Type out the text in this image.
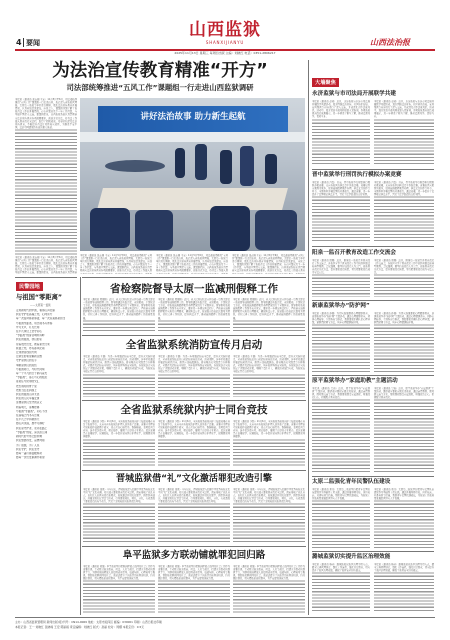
4 要闻
山西监狱
SHANXIJIANYU	山西法治报
2025年11月13日 星期三 每周四出版 主编：刘晓红 电话：0351-2806217
为法治宣传教育精准“开方”
司法部统筹推进“五风工作”课题组一行走进山西监狱调研
本报讯（通讯员 张志刚 王宏）11月5日至6日，司法部统筹推进“五风工作”课题组一行走进山西，先后深入省监狱管理局、太原第一监狱等单位进行调研，聚焦法治宣传教育开展情况，认真听取意见建议。座谈会上，课题组详细了解了监狱普法工作的开展情况、存在问题以及下一步工作打算，与基层干警深入交流。课题组指出，山西监狱系统认真贯彻落实法治宣传教育各项部署要求，创新方式方法，将普法工作融入教育改造全过程，取得了积极成效。希望持续深化法治宣传教育，不断提升普法针对性和实效性，为推进平安中国、法治中国建设作出新的更大贡献。
讲好法治故事 助力新生起航
本报讯（通讯员 张志刚 王宏）11月5日至6日，司法部统筹推进“五风工作”课题组一行走进山西，先后深入省监狱管理局、太原第一监狱等单位进行调研，聚焦法治宣传教育开展情况，认真听取意见建议。座谈会上，课题组详细了解了监狱普法工作的开展情况、存在问题以及下一步工作打算，与基层干警深入交流。课题组指出，山西监狱系统认真贯彻落
本报讯（通讯员 张志刚 王宏）11月5日至6日，司法部统筹推进“五风工作”课题组一行走进山西，先后深入省监狱管理局、太原第一监狱等单位进行调研，聚焦法治宣传教育开展情况，认真听取意见建议。座谈会上，课题组详细了解了监狱普法工作的开展情况、存在问题以及下一步工作打算，与基层干警深入交流。课题组指出，山西监狱系统认真贯彻落实法治宣传教育各项部署要求，创新方式方法，将普法工作融入教
本报讯（通讯员 张志刚 王宏）11月5日至6日，司法部统筹推进“五风工作”课题组一行走进山西，先后深入省监狱管理局、太原第一监狱等单位进行调研，聚焦法治宣传教育开展情况，认真听取意见建议。座谈会上，课题组详细了解了监狱普法工作的开展情况、存在问题以及下一步工作打算，与基层干警深入交流。课题组指出，山西监狱系统认真贯彻落实法治宣传教育各项部署要求，创新方式方法，将普法工作融入教
本报讯（通讯员 张志刚 王宏）11月5日至6日，司法部统筹推进“五风工作”课题组一行走进山西，先后深入省监狱管理局、太原第一监狱等单位进行调研，聚焦法治宣传教育开展情况，认真听取意见建议。座谈会上，课题组详细了解了监狱普法工作的开展情况、存在问题以及下一步工作打算，与基层干警深入交流。课题组指出，山西监狱系统认真贯彻落实法治宣传教育各项部署要求，创新方式方法，将普法工作融入教育
民警园地
与祖国“零距离”
——太原第一监狱
走进新时代的中国，看那山河壮丽
我们守护在高墙之内，心向远方
每一次站岗都是承诺，每一次巡查都是担当
与祖国零距离，用忠诚书写青春
岁月无声，灯火长明
在平凡岗位上坚守初心
“零距离”的誓言响彻耳畔
我们的祖国，我们的家
迎着晨光出发，披着星光归来
铁窗之内，亦有春风化雨
让迷途者找到方向
让新生的希望重新点燃
守护是我们的名字
奉献是我们的底色
与祖国同行，与时代同频
每一个平凡的日子都闪着光
“零距离”，是心与心的贴近
是责任与使命的交汇
把忠诚刻进骨子里
把担当扛在肩膀上
我们的祖国山河无恙
我们的人民幸福安康
这便是我们坚守的意义
向着明天，步履铿锵
与祖国“零距离”，初心不改
在高墙之内书写忠诚
在平凡之中铸就伟大
愿山河永固，愿岁月静好
我们是守护者，永远在路上
“零距离”的爱，深沉而辽阔
新时代的号角已经吹响
我们整装待发，奋勇向前
为了祖国，为了人民
我们守护，我们坚守
愿每一盏灯都温暖如初
愿每一次出发都满怀希望
省检察院督导太原一监减刑假释工作
本报讯（通讯员 郭丽娟）近日，省人民检察院第五检察部一行到太原第一监狱督导减刑假释工作。督导组通过听取汇报、查阅案卷、个别谈话等方式，对监狱减刑假释案件办理情况进行了全面检查。督导组对监狱减刑假释工作给予充分肯定，要求进一步规范执法程序，严格落实减刑假释案件实质化审理要求，确保执法公正。监狱表示将以此次督导为契机，持续完善工作机制，提升执法水平，推动减刑假释工作高质量发展。
本报讯（通讯员 郭丽娟）近日，省人民检察院第五检察部一行到太原第一监狱督导减刑假释工作。督导组通过听取汇报、查阅案卷、个别谈话等方式，对监狱减刑假释案件办理情况进行了全面检查。督导组对监狱减刑假释工作给予充分肯定，要求进一步规范执法程序，严格落实减刑假释案件实质化审理要求，确保执法公正。监狱表示将以此次督导为契机，持续完善工作机制，提升执法水平，推动减刑假释工作高质量发展。
本报讯（通讯员 郭丽娟）近日，省人民检察院第五检察部一行到太原第一监狱督导减刑假释工作。督导组通过听取汇报、查阅案卷、个别谈话等方式，对监狱减刑假释案件办理情况进行了全面检查。督导组对监狱减刑假释工作给予充分肯定，要求进一步规范执法程序，严格落实减刑假释案件实质化审理要求，确保执法公正。监狱表示将以此次督导为契机，持续完善工作机制，提升执法水平，推动减刑假释工作高质量发展。
全省监狱系统消防宣传月启动
本报讯（通讯员 王丽）为进一步增强消防安全意识，提升火灾防控能力，全省监狱系统近日启动消防宣传月活动。活动期间，各单位将通过开展消防知识讲座、组织应急疏散演练、排查整治火灾隐患等多种形式，全面普及消防安全知识，筑牢监管场所安全防线。各监狱结合实际制定了详细活动方案，明确了责任分工，确保活动取得实效，为监狱安全稳定营造良好环境。
本报讯（通讯员 王丽）为进一步增强消防安全意识，提升火灾防控能力，全省监狱系统近日启动消防宣传月活动。活动期间，各单位将通过开展消防知识讲座、组织应急疏散演练、排查整治火灾隐患等多种形式，全面普及消防安全知识，筑牢监管场所安全防线。各监狱结合实际制定了详细活动方案，明确了责任分工，确保活动取得实效，为监狱安全稳定营造良好环境。
本报讯（通讯员 王丽）为进一步增强消防安全意识，提升火灾防控能力，全省监狱系统近日启动消防宣传月活动。活动期间，各单位将通过开展消防知识讲座、组织应急疏散演练、排查整治火灾隐患等多种形式，全面普及消防安全知识，筑牢监管场所安全防线。各监狱结合实际制定了详细活动方案，明确了责任分工，确保活动取得实效，为监狱安全稳定营造良好环境。
全省监狱系统狱内护士同台竞技
本报讯（通讯员 李静）11月6日，全省监狱系统狱内护士技能竞赛在省女子监狱举行。来自全省各监狱的护理人员参加了比赛。竞赛分为理论考试和操作技能两个部分，重点考察心肺复苏、静脉输液、急救处置等内容。选手们沉着应对，规范操作，展现了良好的专业素养。此次竞赛旨在以赛促学、以赛促练，进一步提升狱内医疗护理水平，保障罪犯身体健康。
本报讯（通讯员 李静）11月6日，全省监狱系统狱内护士技能竞赛在省女子监狱举行。来自全省各监狱的护理人员参加了比赛。竞赛分为理论考试和操作技能两个部分，重点考察心肺复苏、静脉输液、急救处置等内容。选手们沉着应对，规范操作，展现了良好的专业素养。此次竞赛旨在以赛促学、以赛促练，进一步提升狱内医疗护理水平，保障罪犯身体健康。
本报讯（通讯员 李静）11月6日，全省监狱系统狱内护士技能竞赛在省女子监狱举行。来自全省各监狱的护理人员参加了比赛。竞赛分为理论考试和操作技能两个部分，重点考察心肺复苏、静脉输液、急救处置等内容。选手们沉着应对，规范操作，展现了良好的专业素养。此次竞赛旨在以赛促学、以赛促练，进一步提升狱内医疗护理水平，保障罪犯身体健康。
晋城监狱借“礼”文化激活罪犯改造引擎
本报讯（通讯员 张燕）今年以来，晋城监狱深入挖掘中华优秀传统文化中的“礼”文化内涵，将其融入罪犯教育改造全过程，探索形成了以礼育人、以礼化人的教育改造新模式。监狱通过开设礼仪课堂、组织经典诵读、开展文明礼仪评比等活动，引导罪犯知礼、明礼、守礼，有效激发了罪犯改造的内生动力，营造了文明和谐的监管改造环境。
本报讯（通讯员 张燕）今年以来，晋城监狱深入挖掘中华优秀传统文化中的“礼”文化内涵，将其融入罪犯教育改造全过程，探索形成了以礼育人、以礼化人的教育改造新模式。监狱通过开设礼仪课堂、组织经典诵读、开展文明礼仪评比等活动，引导罪犯知礼、明礼、守礼，有效激发了罪犯改造的内生动力，营造了文明和谐的监管改造环境。
本报讯（通讯员 张燕）今年以来，晋城监狱深入挖掘中华优秀传统文化中的“礼”文化内涵，将其融入罪犯教育改造全过程，探索形成了以礼育人、以礼化人的教育改造新模式。监狱通过开设礼仪课堂、组织经典诵读、开展文明礼仪评比等活动，引导罪犯知礼、明礼、守礼，有效激发了罪犯改造的内生动力，营造了文明和谐的监管改造环境。
阜平监狱多方联动铺就罪犯回归路
本报讯（通讯员 刘强）阜平监狱坚持把刑满释放人员回归社会工作作为重要任务，主动联合地方政府、司法、人社等部门，搭建多方联动的帮教平台，为即将刑满释放人员提供就业指导、技能培训、心理疏导等服务，帮助他们顺利回归社会。监狱还建立了出监评估和回访机制，持续跟踪帮扶，切实降低重新犯罪率，为平安建设贡献力量。
本报讯（通讯员 刘强）阜平监狱坚持把刑满释放人员回归社会工作作为重要任务，主动联合地方政府、司法、人社等部门，搭建多方联动的帮教平台，为即将刑满释放人员提供就业指导、技能培训、心理疏导等服务，帮助他们顺利回归社会。监狱还建立了出监评估和回访机制，持续跟踪帮扶，切实降低重新犯罪率，为平安建设贡献力量。
本报讯（通讯员 刘强）阜平监狱坚持把刑满释放人员回归社会工作作为重要任务，主动联合地方政府、司法、人社等部门，搭建多方联动的帮教平台，为即将刑满释放人员提供就业指导、技能培训、心理疏导等服务，帮助他们顺利回归社会。监狱还建立了出监评估和回访机制，持续跟踪帮扶，切实降低重新犯罪率，为平安建设贡献力量。
大墙聚焦
永济监狱与市司法局开展联学共建
本报讯（通讯员 赵敏）近日，永济监狱与永济市司法局开展联学共建活动，双方围绕法治宣传、社区矫正衔接、安置帮教等内容进行了深入交流，并就深化合作达成共识。活动中，双方党员干部共同重温入党誓词，参观监狱教育改造成果展示，进一步增进了相互了解，推动资源共享、优势互补。
本报讯（通讯员 赵敏）近日，永济监狱与永济市司法局开展联学共建活动，双方围绕法治宣传、社区矫正衔接、安置帮教等内容进行了深入交流，并就深化合作达成共识。活动中，双方党员干部共同重温入党誓词，参观监狱教育改造成果展示，进一步增进了相互了解，推动资源共享、优势互补。
晋中监狱举行刑罚执行模拟办案竞赛
本报讯（通讯员 冯磊）日前，晋中监狱举行刑罚执行模拟办案竞赛，来自各监区的执法骨干参加比赛。竞赛以真实案例为蓝本，设置减刑假释案件办理、执法文书制作等环节，全面检验参赛民警的业务能力。通过竞赛，进一步提升了民警规范执法水平，营造了比学赶超的良好氛围。
本报讯（通讯员 冯磊）日前，晋中监狱举行刑罚执行模拟办案竞赛，来自各监区的执法骨干参加比赛。竞赛以真实案例为蓝本，设置减刑假释案件办理、执法文书制作等环节，全面检验参赛民警的业务能力。通过竞赛，进一步提升了民警规范执法水平，营造了比学赶超的良好氛围。
阳泉一监召开教育改造工作交流会
本报讯（通讯员 周娜）近日，阳泉第一监狱召开教育改造工作交流会，各监区分享了教育改造工作中的经验做法和典型案例。会议强调，要坚持以改造人为宗旨，创新教育改造方式方法，提升罪犯改造质量，努力把罪犯改造成为守法公民。
本报讯（通讯员 周娜）近日，阳泉第一监狱召开教育改造工作交流会，各监区分享了教育改造工作中的经验做法和典型案例。会议强调，要坚持以改造人为宗旨，创新教育改造方式方法，提升罪犯改造质量，努力把罪犯改造成为守法公民。
新康监狱举办“防护网”
本报讯（通讯员 孙丽）为切实加强罪犯心理健康教育，新康监狱举办“防护网”主题活动，通过心理健康讲座、团体心理辅导、个别咨询等形式，帮助罪犯正确认识心理问题，掌握情绪调节方法，筑牢心理健康防护网。
本报讯（通讯员 孙丽）为切实加强罪犯心理健康教育，新康监狱举办“防护网”主题活动，通过心理健康讲座、团体心理辅导、个别咨询等形式，帮助罪犯正确认识心理问题，掌握情绪调节方法，筑牢心理健康防护网。
原平监狱举办“家庭助教”主题活动
本报讯（通讯员 吴霞）近日，原平监狱举办“家庭助教”主题活动，邀请部分罪犯家属走进监狱，通过亲情帮教、面对面交流等方式，帮助罪犯感受家庭温暖，增强改造信心，积极配合教育改造。
本报讯（通讯员 吴霞）近日，原平监狱举办“家庭助教”主题活动，邀请部分罪犯家属走进监狱，通过亲情帮教、面对面交流等方式，帮助罪犯感受家庭温暖，增强改造信心，积极配合教育改造。
太原二监强化青年民警队伍建设
本报讯（通讯员 郑伟）太原第二监狱坚持把青年民警队伍建设作为基础性工程来抓，通过开展导师带徒、岗位练兵、业务培训等措施，帮助青年民警快速成长，为监狱工作高质量发展提供坚实人才保障。
本报讯（通讯员 郑伟）太原第二监狱坚持把青年民警队伍建设作为基础性工程来抓，通过开展导师带徒、岗位练兵、业务培训等措施，帮助青年民警快速成长，为监狱工作高质量发展提供坚实人才保障。
潞城监狱切实提升监区治理效能
本报讯（通讯员 杨芳）潞城监狱以监区治理为切入点，健全完善管理制度，细化工作流程，强化日常督查，切实提升了监区治理效能，确保了监管安全持续稳定。
本报讯（通讯员 杨芳）潞城监狱以监区治理为切入点，健全完善管理制度，细化工作流程，强化日常督查，切实提升了监区治理效能，确保了监管安全持续稳定。
主办：山西省监狱管理局 新闻出版(报)刊号：CN14-0069 地址：太原市迎泽区 邮编：030001 印刷：山西日报社印刷
本报记者：王一 刘晓红 张晓峰 王宏 郭丽娟 责任编辑：刘晓红 版式：孙丽 校对：周娜 本报定价：0.5元
